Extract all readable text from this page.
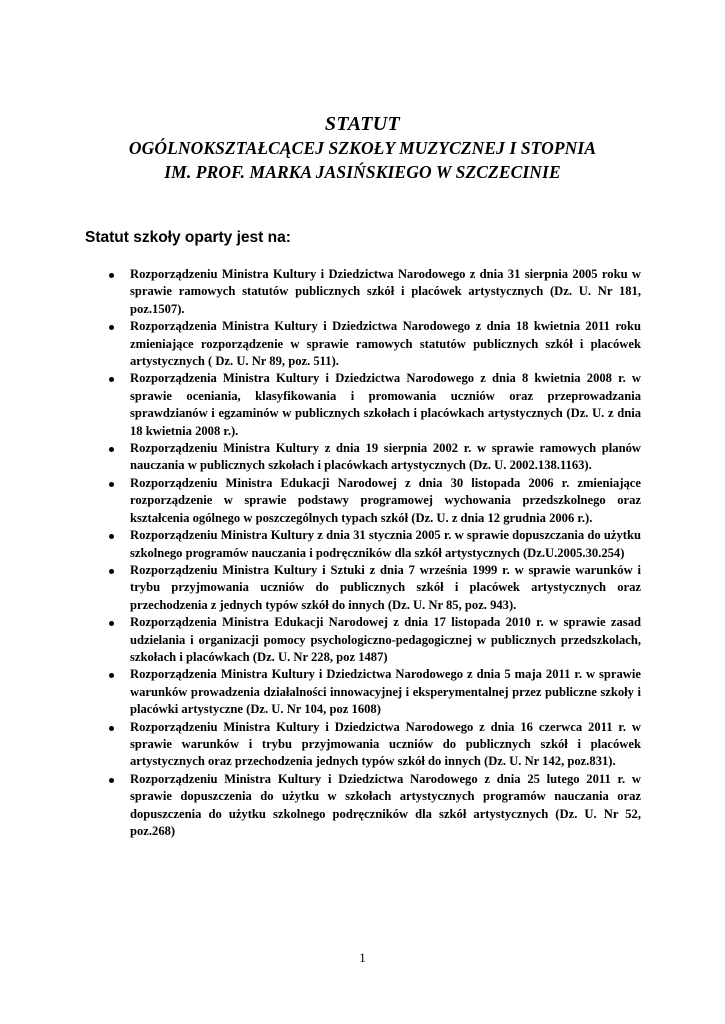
STATUT
OGÓLNOKSZTAŁCĄCEJ SZKOŁY MUZYCZNEJ I STOPNIA
IM. PROF. MARKA JASIŃSKIEGO W SZCZECINIE
Statut szkoły oparty jest na:
Rozporządzeniu Ministra Kultury i Dziedzictwa Narodowego z dnia 31 sierpnia 2005 roku w sprawie ramowych statutów publicznych szkół i placówek artystycznych (Dz. U. Nr 181, poz.1507).
Rozporządzenia Ministra Kultury i Dziedzictwa Narodowego z dnia 18 kwietnia 2011 roku zmieniające rozporządzenie w sprawie ramowych statutów publicznych szkół i placówek artystycznych ( Dz. U. Nr 89, poz. 511).
Rozporządzenia Ministra Kultury i Dziedzictwa Narodowego z dnia 8 kwietnia 2008 r. w sprawie oceniania, klasyfikowania i promowania uczniów oraz przeprowadzania sprawdzianów i egzaminów w publicznych szkołach i placówkach artystycznych (Dz. U. z dnia 18 kwietnia 2008 r.).
Rozporządzeniu Ministra Kultury z dnia 19 sierpnia 2002 r. w sprawie ramowych planów nauczania w publicznych szkołach i placówkach artystycznych (Dz. U. 2002.138.1163).
Rozporządzeniu Ministra Edukacji Narodowej z dnia 30 listopada 2006 r. zmieniające rozporządzenie w sprawie podstawy programowej wychowania przedszkolnego oraz kształcenia ogólnego w poszczególnych typach szkół (Dz. U. z dnia 12 grudnia 2006 r.).
Rozporządzeniu Ministra Kultury z dnia 31 stycznia 2005 r. w sprawie dopuszczania do użytku szkolnego programów nauczania i podręczników dla szkół artystycznych (Dz.U.2005.30.254)
Rozporządzeniu Ministra Kultury i Sztuki z dnia 7 września 1999 r. w sprawie warunków i trybu przyjmowania uczniów do publicznych szkół i placówek artystycznych oraz przechodzenia z jednych typów szkół do innych (Dz. U. Nr 85, poz. 943).
Rozporządzenia Ministra Edukacji Narodowej z dnia 17 listopada 2010 r. w sprawie zasad udzielania i organizacji pomocy psychologiczno-pedagogicznej w publicznych przedszkolach, szkołach i placówkach (Dz. U. Nr 228, poz 1487)
Rozporządzenia Ministra Kultury i Dziedzictwa Narodowego z dnia 5 maja 2011 r. w sprawie warunków prowadzenia działalności innowacyjnej i eksperymentalnej przez publiczne szkoły i placówki artystyczne (Dz. U. Nr 104, poz 1608)
Rozporządzeniu Ministra Kultury i Dziedzictwa Narodowego z dnia 16 czerwca 2011 r. w sprawie warunków i trybu przyjmowania uczniów do publicznych szkół i placówek artystycznych oraz przechodzenia jednych typów szkół do innych (Dz. U. Nr 142, poz.831).
Rozporządzeniu Ministra Kultury i Dziedzictwa Narodowego z dnia 25 lutego 2011 r. w sprawie dopuszczenia do użytku w szkołach artystycznych programów nauczania oraz dopuszczenia do użytku szkolnego podręczników dla szkół artystycznych (Dz. U. Nr 52, poz.268)
1
